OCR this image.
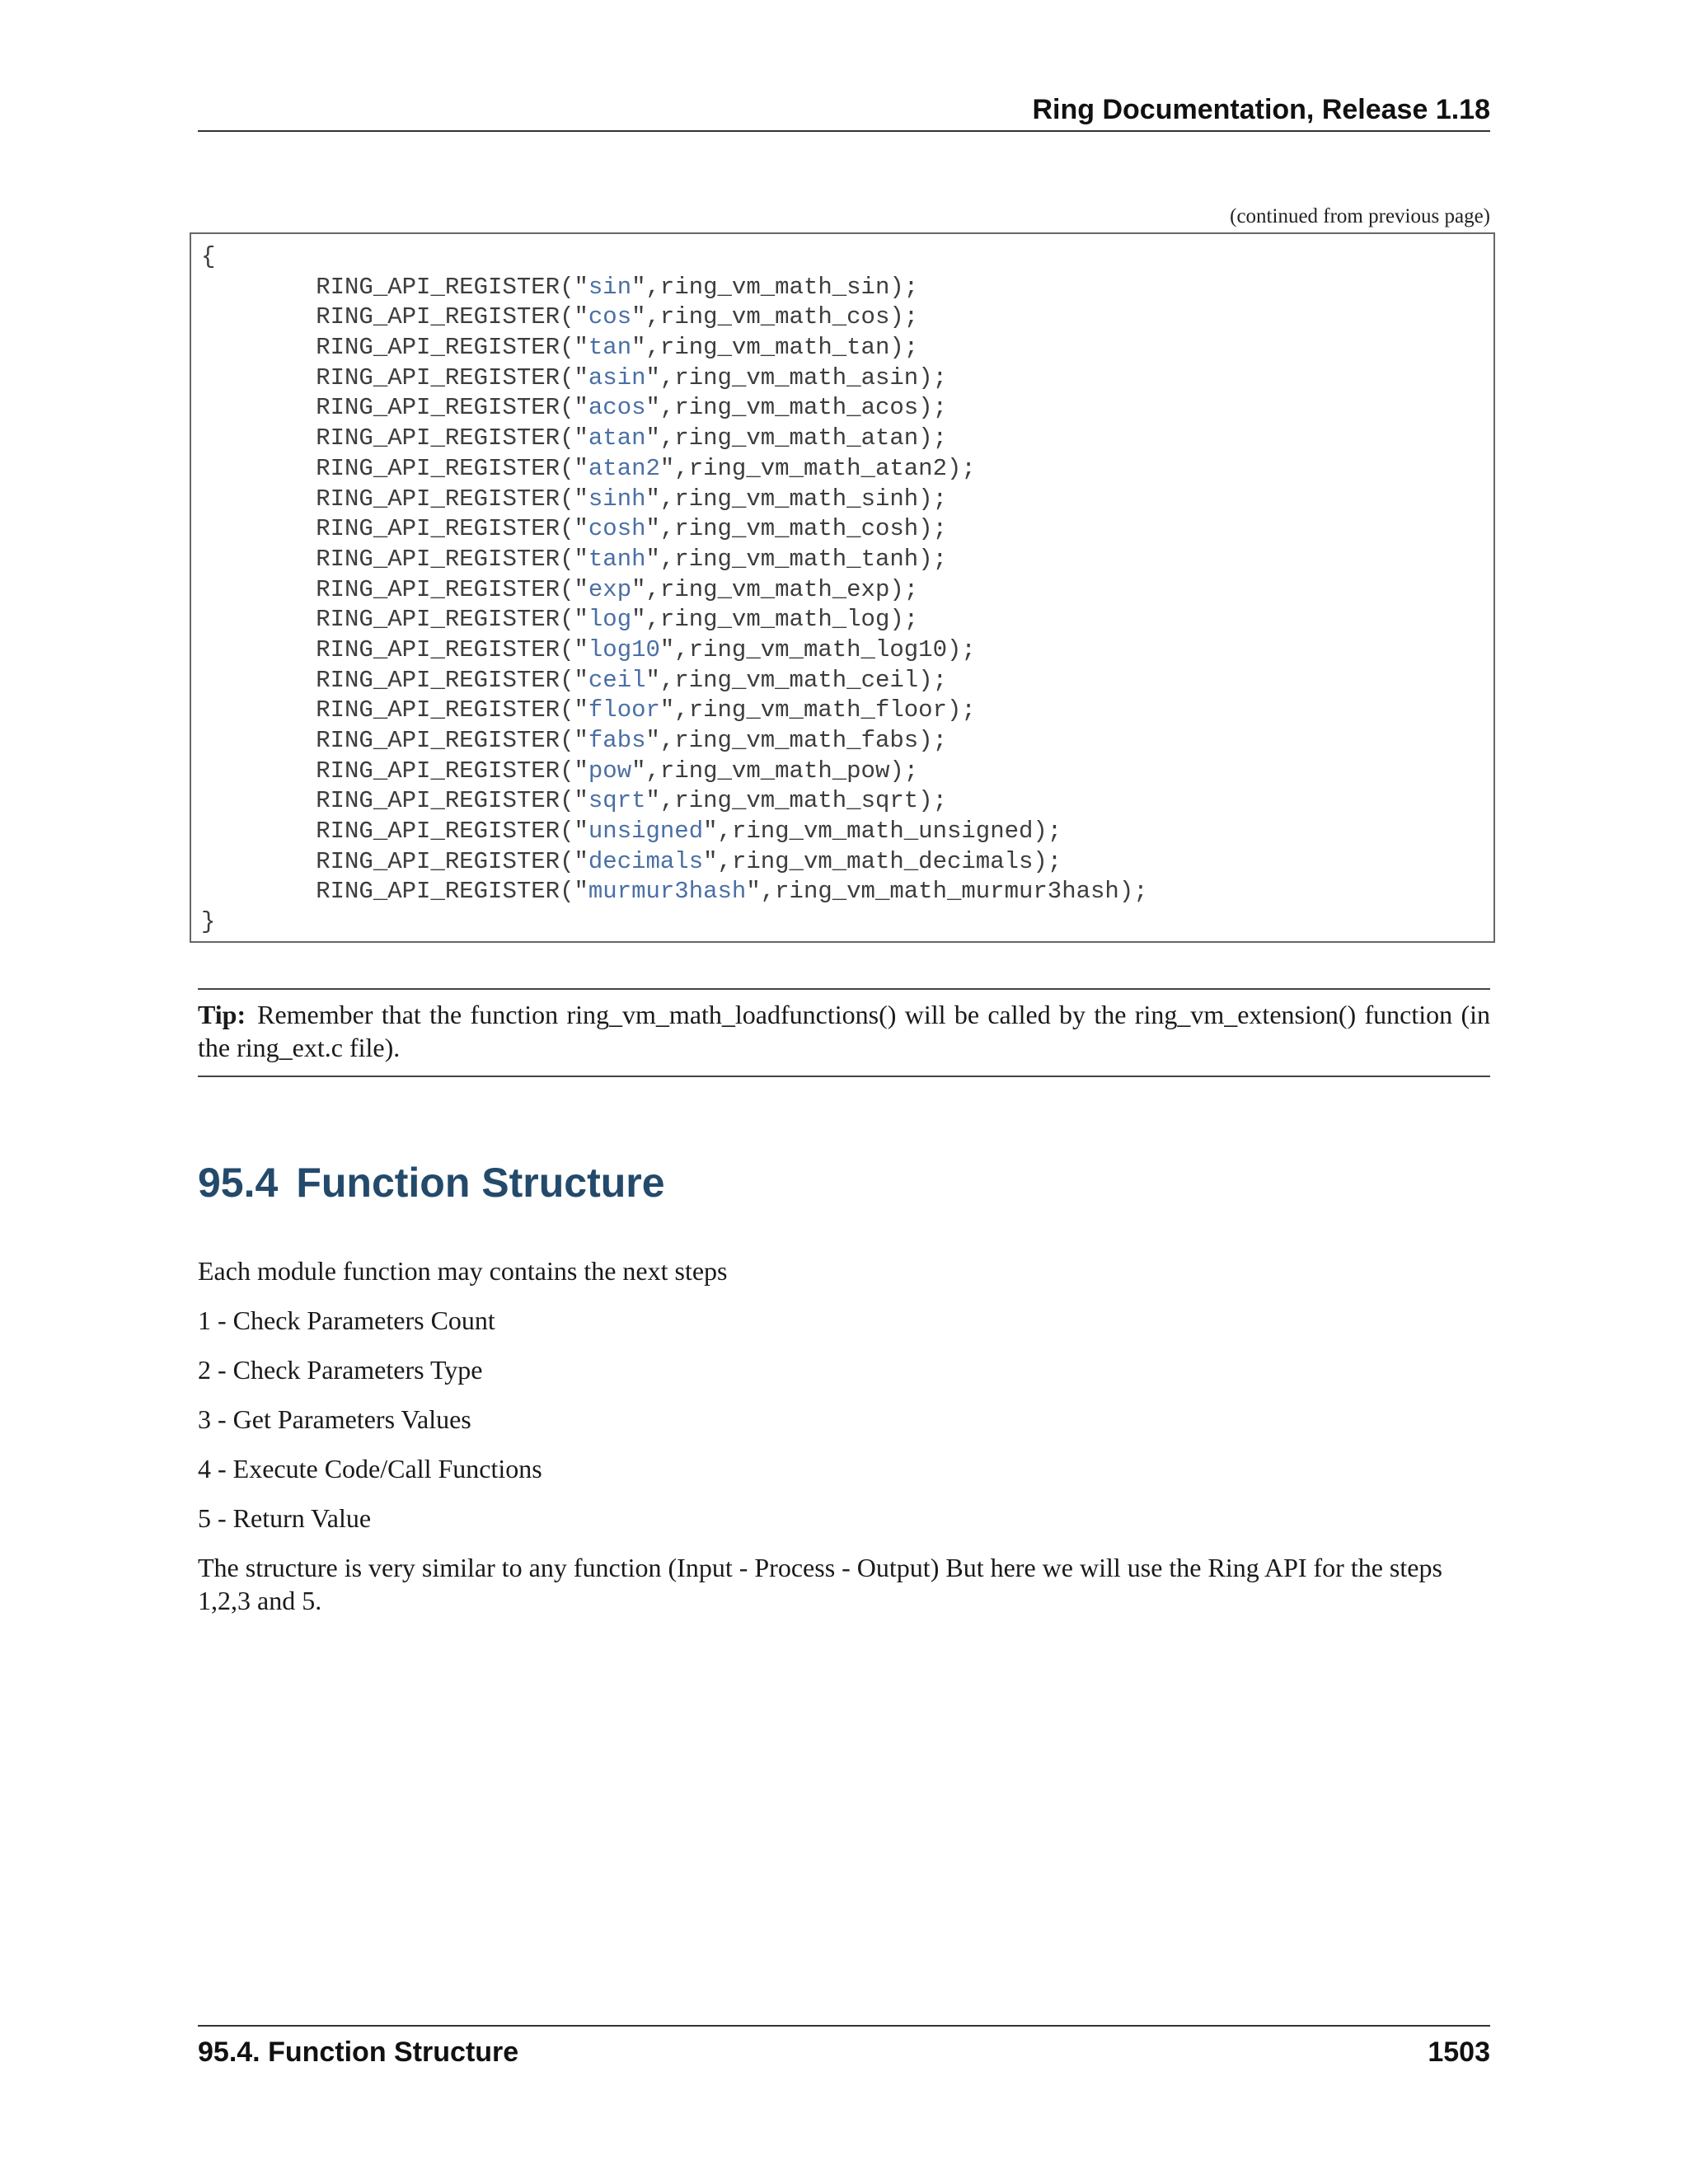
Ring Documentation, Release 1.18
(continued from previous page)
{
RING_API_REGISTER("sin",ring_vm_math_sin);
RING_API_REGISTER("cos",ring_vm_math_cos);
RING_API_REGISTER("tan",ring_vm_math_tan);
RING_API_REGISTER("asin",ring_vm_math_asin);
RING_API_REGISTER("acos",ring_vm_math_acos);
RING_API_REGISTER("atan",ring_vm_math_atan);
RING_API_REGISTER("atan2",ring_vm_math_atan2);
RING_API_REGISTER("sinh",ring_vm_math_sinh);
RING_API_REGISTER("cosh",ring_vm_math_cosh);
RING_API_REGISTER("tanh",ring_vm_math_tanh);
RING_API_REGISTER("exp",ring_vm_math_exp);
RING_API_REGISTER("log",ring_vm_math_log);
RING_API_REGISTER("log10",ring_vm_math_log10);
RING_API_REGISTER("ceil",ring_vm_math_ceil);
RING_API_REGISTER("floor",ring_vm_math_floor);
RING_API_REGISTER("fabs",ring_vm_math_fabs);
RING_API_REGISTER("pow",ring_vm_math_pow);
RING_API_REGISTER("sqrt",ring_vm_math_sqrt);
RING_API_REGISTER("unsigned",ring_vm_math_unsigned);
RING_API_REGISTER("decimals",ring_vm_math_decimals);
RING_API_REGISTER("murmur3hash",ring_vm_math_murmur3hash);
}
Tip: Remember that the function ring_vm_math_loadfunctions() will be called by the ring_vm_extension() function (in the ring_ext.c file).
95.4 Function Structure

Each module function may contains the next steps

1 - Check Parameters Count

2 - Check Parameters Type

3 - Get Parameters Values

4 - Execute Code/Call Functions

5 - Return Value

The structure is very similar to any function (Input - Process - Output) But here we will use the Ring API for the steps 1,2,3 and 5.

95.4. Function Structure	1503
